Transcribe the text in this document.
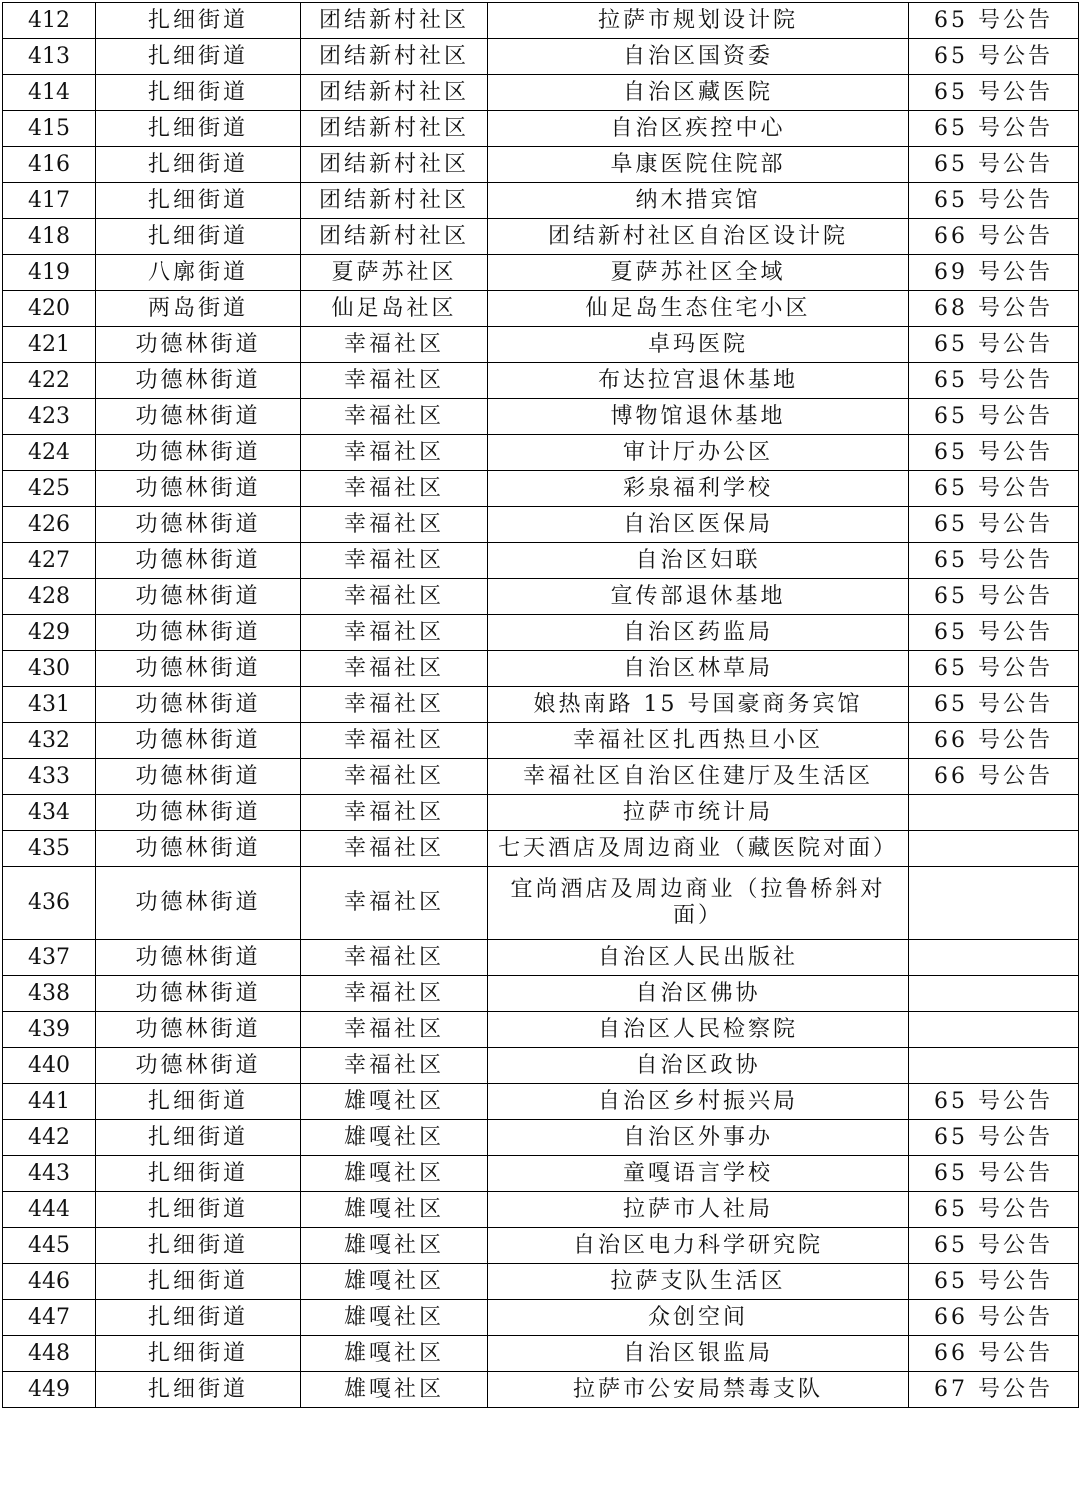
412	扎细街道	团结新村社区	拉萨市规划设计院	65 号公告
413	扎细街道	团结新村社区	自治区国资委	65 号公告
414	扎细街道	团结新村社区	自治区藏医院	65 号公告
415	扎细街道	团结新村社区	自治区疾控中心	65 号公告
416	扎细街道	团结新村社区	阜康医院住院部	65 号公告
417	扎细街道	团结新村社区	纳木措宾馆	65 号公告
418	扎细街道	团结新村社区	团结新村社区自治区设计院	66 号公告
419	八廓街道	夏萨苏社区	夏萨苏社区全域	69 号公告
420	两岛街道	仙足岛社区	仙足岛生态住宅小区	68 号公告
421	功德林街道	幸福社区	卓玛医院	65 号公告
422	功德林街道	幸福社区	布达拉宫退休基地	65 号公告
423	功德林街道	幸福社区	博物馆退休基地	65 号公告
424	功德林街道	幸福社区	审计厅办公区	65 号公告
425	功德林街道	幸福社区	彩泉福利学校	65 号公告
426	功德林街道	幸福社区	自治区医保局	65 号公告
427	功德林街道	幸福社区	自治区妇联	65 号公告
428	功德林街道	幸福社区	宣传部退休基地	65 号公告
429	功德林街道	幸福社区	自治区药监局	65 号公告
430	功德林街道	幸福社区	自治区林草局	65 号公告
431	功德林街道	幸福社区	娘热南路 15 号国豪商务宾馆	65 号公告
432	功德林街道	幸福社区	幸福社区扎西热旦小区	66 号公告
433	功德林街道	幸福社区	幸福社区自治区住建厅及生活区	66 号公告
434	功德林街道	幸福社区	拉萨市统计局	
435	功德林街道	幸福社区	七天酒店及周边商业（藏医院对面）	
436	功德林街道	幸福社区	宜尚酒店及周边商业（拉鲁桥斜对面）	
437	功德林街道	幸福社区	自治区人民出版社	
438	功德林街道	幸福社区	自治区佛协	
439	功德林街道	幸福社区	自治区人民检察院	
440	功德林街道	幸福社区	自治区政协	
441	扎细街道	雄嘎社区	自治区乡村振兴局	65 号公告
442	扎细街道	雄嘎社区	自治区外事办	65 号公告
443	扎细街道	雄嘎社区	童嘎语言学校	65 号公告
444	扎细街道	雄嘎社区	拉萨市人社局	65 号公告
445	扎细街道	雄嘎社区	自治区电力科学研究院	65 号公告
446	扎细街道	雄嘎社区	拉萨支队生活区	65 号公告
447	扎细街道	雄嘎社区	众创空间	66 号公告
448	扎细街道	雄嘎社区	自治区银监局	66 号公告
449	扎细街道	雄嘎社区	拉萨市公安局禁毒支队	67 号公告
